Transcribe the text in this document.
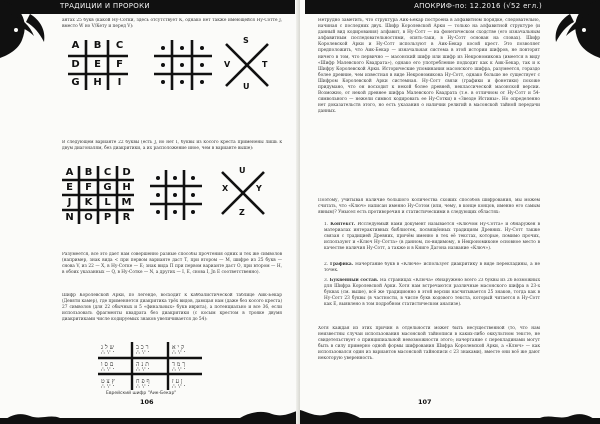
ТРАДИЦИИ И ПРОРОКИ
антах 25 букв (какой Ну-Сотки, здесь отсутствует К, однако нет также имеющейся Ну-Сотте J, вместо W но V/Кету и перед V):
A	B	C
D	E	F
G	H	I
S
V	T
U
В следующем варианте 22 буквы (есть J, но нет I, буквы из косого креста применены лишь к двум диагоналям, без диакритики, а их расположение иное, чем в варианте выше):
A	B	C	D
E	F	G	H
J	K	L	M
N	O	P	R
U
X	Y
Z
Разумеется, всё это дает нам совершенно разные способы прочтения одних и тех же символов (например, знак вида < при первом варианте даст Т, при втором — M, шифре из 25 букв — снова V, из 22 — Х, в Ну-Сотке — Е; знак вида П при первом варианте даст О, при втором — Н, в обоих указанных — Q, в Ну-Сотке — N, а других — I, Е, снова I, Jn Е соответственно).
Шифр Королевской Арки, по легенде, восходит к каббалистической таблице Аик-Бекар (Девяти камер), где применяется диакритика трёх видов, дающая нам (даже без косого креста) 27 символов (для 22 обычных и 5 «финальных» букв иврита), а потенциально и все 36, если использовать фрагменты квадрата без диакритики (с косым крестом в трояке двумя диакритиками числе кодируемых знаков увеличивается до 54):
ש ל ג	ר כ ב	ק י א
∴ ∵ ·	∴ ∵ ·	∴ ∵ ·
ם ס ו	ת נ ה	ך מ ד
∴ ∵ ·	∴ ∵ ·	∴ ∵ ·
ץ צ ט	ף פ ח	ן ע ז
∴ ∵ ·	∴ ∵ ·	∴ ∵ ·
Еврейский шифр "Аик-Бекар"
106
АПОКРИФ-по: 12.2016 (√52 егл.)
Нетрудно заметить, что структура Аик-Бекар построена в алфавитном порядке, следовательно, начиная с последних двух. Шифр Королевской Арки — только на алфавитной структуре (и данный вид кодирования) алфавит, в Ну-Сотт — на фонетическом сходстве (его изначальным алфавитным последовательностями, опять-таки, в Ну-Сотт основан на словах). Шифр Королевской Арки и Ну-Сотт используют в Аик-Бекар косой крест. Это позволяет предположить, что Аик-Бекар — изначальная система в этой истории шифров, не повторят ничего в том, что первично — масонский шифр или шифр из Некрономикона (имеется в виду «Шифр Малевского Квадрата»), однако его употребление подходит как к Аик-Бекар, так и к Шифру Королевской Арки. Исторические упоминания масонского шифра, разумеется, гораздо более древние, чем известная в виде Некрономикона Ну-Сотт, однако больше не существует с Шифром Королевской Арки системная. Ну-Сотт связи (графики и фонетики) похоже придумано, что он восходит к некой более древней, неклассической масонской версии. Возможно, от некой древнее шифра Малевского Квадрата (т.е. в отличном от Ну-Сотт и 54-символьного — нежели символ кодировать ее Ну-Сотки) в «Звезде Истины». Но определенно нет доказательств этого, но есть указания о наличии религий в масонской тайной передачи данных.
Поэтому, учитывая наличие большого количества схожих способов шифрования, мы можем считать, что «Ключ» написан именно Ну-Сотом (или, чему, в конце концов, именно его самым явным)? Умысел есть противоречия и статистическими в следующих областях:
1. Контекст. Исследуемый нами документ называется «Ключом Ну-Сотта» и обнаружен в материалах интерактивных библиотек, посвящённых традициям Древних. Ну-Сотт также связан с традицией Древних, причём именно в тех её текстах, которые, помимо прочих, используют и «Ключ Ну-Сотта» (в данном, по-видимому, в Некрономиконе основное место в качестве наличия Ну-Сотт, а также и в Книге Дагона название «Ключ»).
2. Графика. Начертание букв в «Ключе» использует диакритику в виде перекладины, а не точек.
3. Буквенный состав. На страницах «Ключа» обнаружено всего 23 буквы из 26 возможных для Шифра Королевской Арки. Хотя нам встречаются различные масонского шифра в 23-х буквах (см. выше), всё же традиционно в этой версии насчитывается 25 знаков, тогда как в Ну-Сотт 23 буквы (в частности, в числе букв кодового текста, который читается в Ну-Сотт как Е, выявлено в том подробном статистическом анализе).
Хотя каждая из этих причин в отдельности может быть несущественной (то, что нам неизвестны случаи использования масонской тайнописи в каких-либо оккультном тексте, не свидетельствует о принципиальной невозможности этого; начертание с перекладинами могут быть в силу примерно одной формы шифрования Шифра Королевской Арки, а «Ключ» — как использовался один из вариантов масонской тайнописи с 23 знаками), вместе они всё же дают некоторую уверенность.
107
